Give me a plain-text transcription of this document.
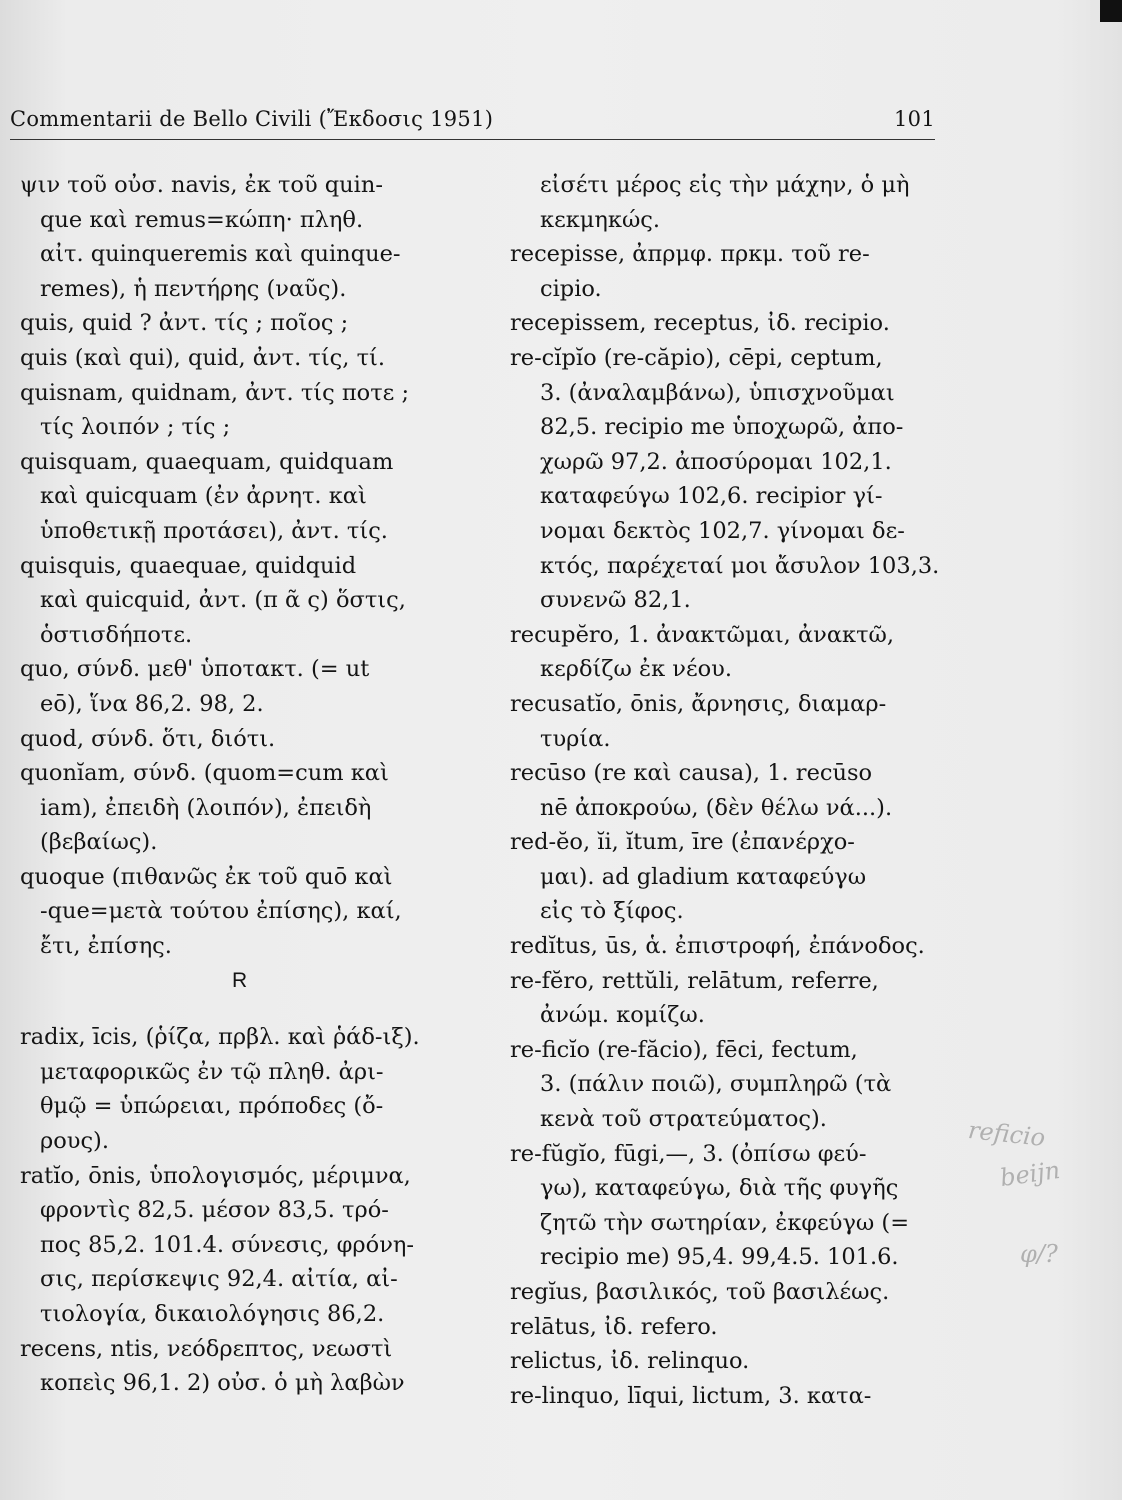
Commentarii de Bello Civili (Ἔκδοσις 1951)	101
ψιν τοῦ οὐσ. navis, ἐκ τοῦ quin-
que καὶ remus=κώπη· πληθ.
αἰτ. quinqueremis καὶ quinque-
remes), ἡ πεντήρης (ναῦς).
quis, quid ? ἀντ. τίς ; ποῖος ;
quis (καὶ qui), quid, ἀντ. τίς, τί.
quisnam, quidnam, ἀντ. τίς ποτε ;
τίς λοιπόν ; τίς ;
quisquam, quaequam, quidquam
καὶ quicquam (ἐν ἀρνητ. καὶ
ὑποθετικῇ προτάσει), ἀντ. τίς.
quisquis, quaequae, quidquid
καὶ quicquid, ἀντ. (π ᾶ ς) ὅστις,
ὁστισδήποτε.
quo, σύνδ. μεθ' ὑποτακτ. (= ut
eō), ἵνα 86,2. 98, 2.
quod, σύνδ. ὅτι, διότι.
quonĭam, σύνδ. (quom=cum καὶ
iam), ἐπειδὴ (λοιπόν), ἐπειδὴ
(βεβαίως).
quoque (πιθανῶς ἐκ τοῦ quō καὶ
-que=μετὰ τούτου ἐπίσης), καί,
ἔτι, ἐπίσης.
R
radix, īcis, (ῥίζα, πρβλ. καὶ ῥάδ-ιξ).
μεταφορικῶς ἐν τῷ πληθ. ἀρι-
θμῷ = ὑπώρειαι, πρόποδες (ὄ-
ρους).
ratĭo, ōnis, ὑπολογισμός, μέριμνα,
φροντὶς 82,5. μέσον 83,5. τρό-
πος 85,2. 101.4. σύνεσις, φρόνη-
σις, περίσκεψις 92,4. αἰτία, αἰ-
τιολογία, δικαιολόγησις 86,2.
recens, ntis, νεόδρεπτος, νεωστὶ
κοπεὶς 96,1. 2) οὐσ. ὁ μὴ λαβὼν
εἰσέτι μέρος εἰς τὴν μάχην, ὁ μὴ
κεκμηκώς.
recepisse, ἀπρμφ. πρκμ. τοῦ re-
cipio.
recepissem, receptus, ἰδ. recipio.
re-cĭpĭo (re-căpio), cēpi, ceptum,
3. (ἀναλαμβάνω), ὑπισχνοῦμαι
82,5. recipio me ὑποχωρῶ, ἀπο-
χωρῶ 97,2. ἀποσύρομαι 102,1.
καταφεύγω 102,6. recipior γί-
νομαι δεκτὸς 102,7. γίνομαι δε-
κτός, παρέχεταί μοι ἄσυλον 103,3.
συνενῶ 82,1.
recupĕro, 1. ἀνακτῶμαι, ἀνακτῶ,
κερδίζω ἐκ νέου.
recusatĭo, ōnis, ἄρνησις, διαμαρ-
τυρία.
recūso (re καὶ causa), 1. recūso
nē ἀποκρούω, (δὲν θέλω νά...).
red-ĕo, ĭi, ĭtum, īre (ἐπανέρχο-
μαι). ad gladium καταφεύγω
εἰς τὸ ξίφος.
redĭtus, ūs, ἁ. ἐπιστροφή, ἐπάνοδος.
re-fĕro, rettŭli, relātum, referre,
ἀνώμ. κομίζω.
re-ficĭo (re-făcio), fēci, fectum,
3. (πάλιν ποιῶ), συμπληρῶ (τὰ
κενὰ τοῦ στρατεύματος).
re-fŭgĭo, fūgi,—, 3. (ὀπίσω φεύ-
γω), καταφεύγω, διὰ τῆς φυγῆς
ζητῶ τὴν σωτηρίαν, ἐκφεύγω (=
recipio me) 95,4. 99,4.5. 101.6.
regĭus, βασιλικός, τοῦ βασιλέως.
relātus, ἰδ. refero.
relictus, ἰδ. relinquo.
re-linquo, līqui, lictum, 3. κατα-
reficio
beijn
φ/?
